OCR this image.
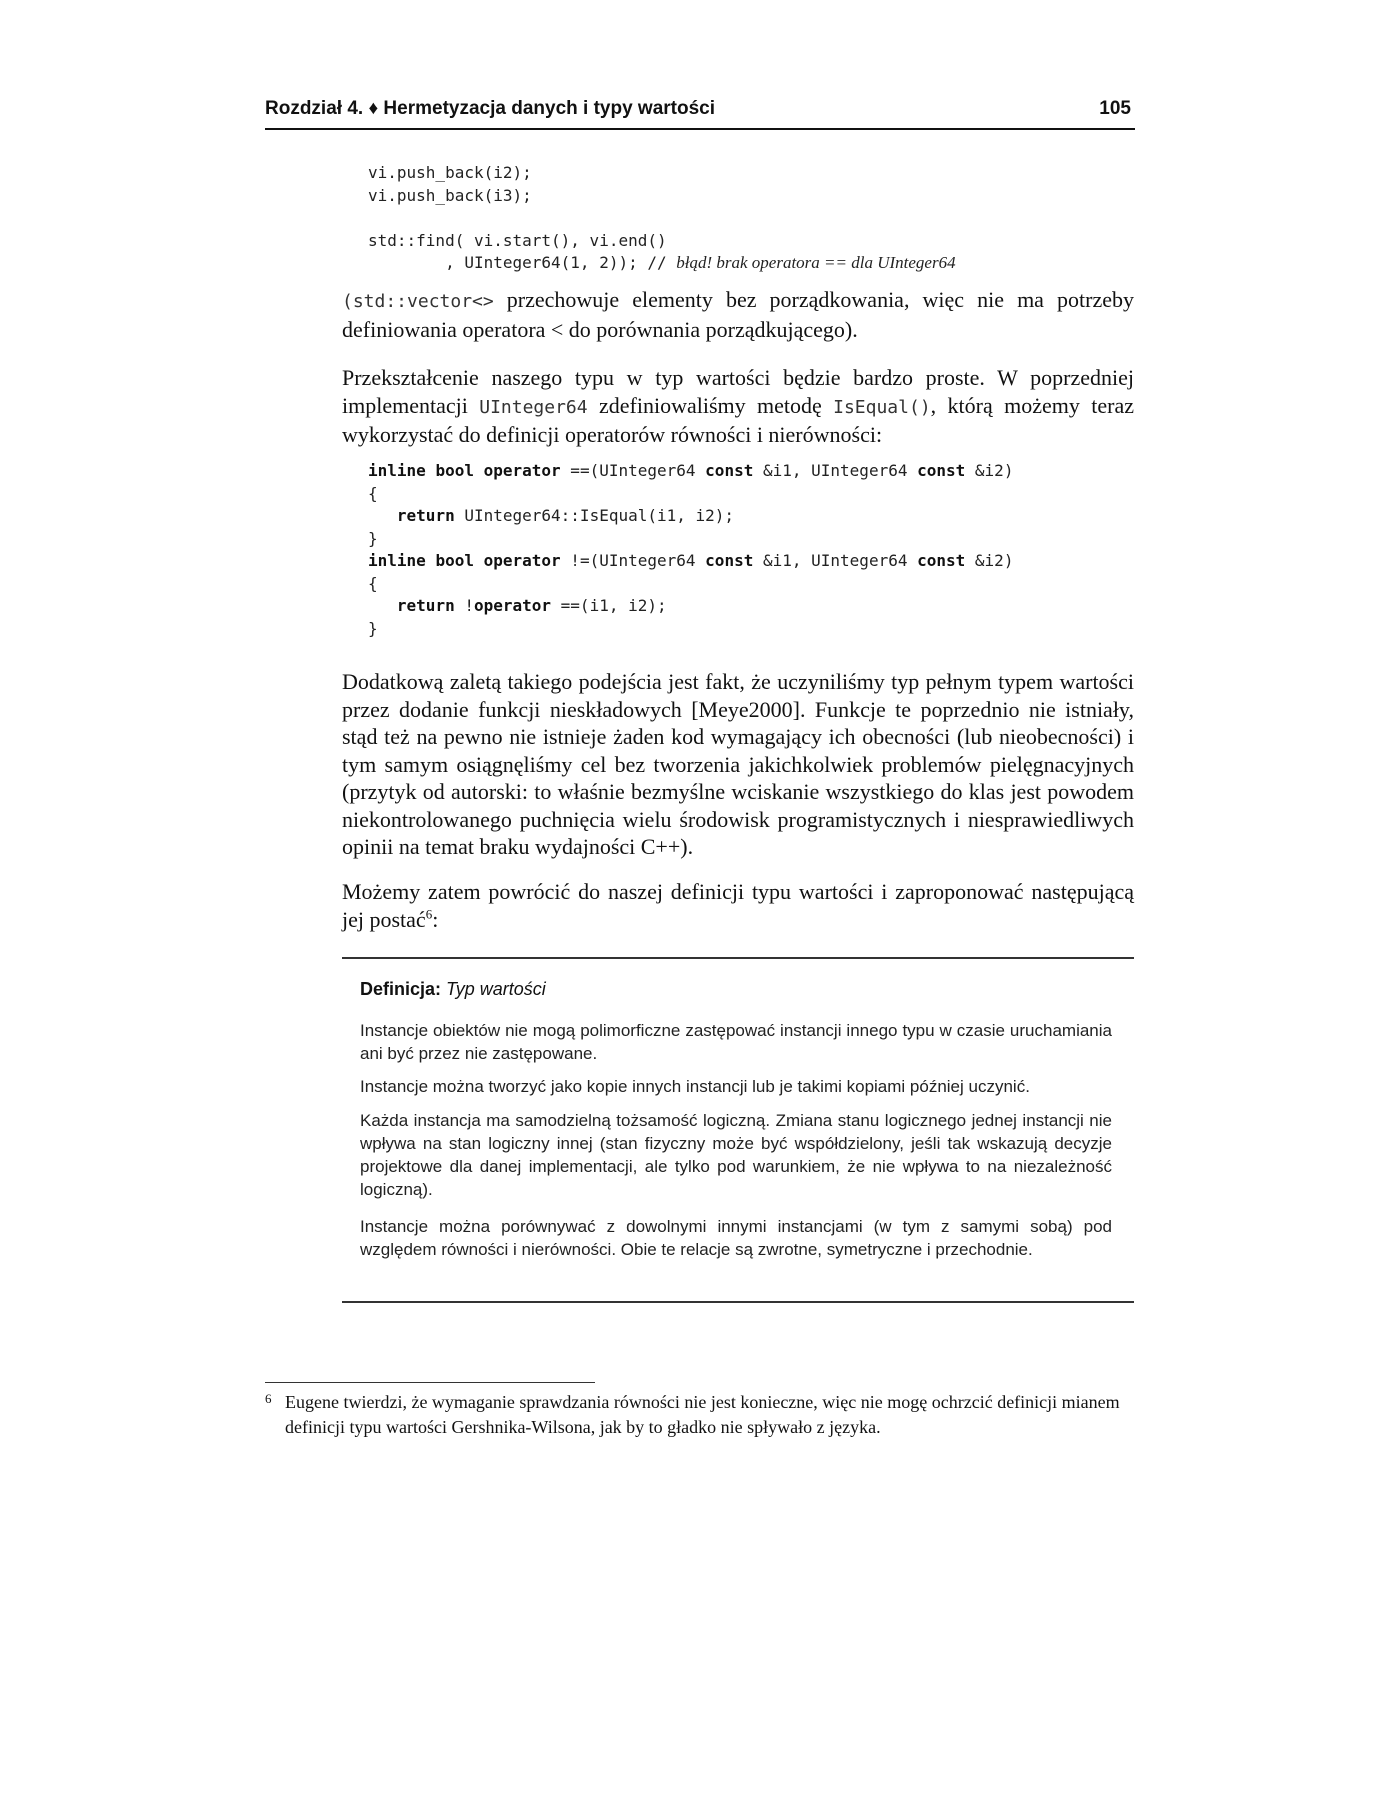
Rozdział 4. ♦ Hermetyzacja danych i typy wartości	105
vi.push_back(i2);
vi.push_back(i3);

std::find( vi.start(), vi.end()
, UInteger64(1, 2)); // błąd! brak operatora == dla UInteger64

(std::vector<> przechowuje elementy bez porządkowania, więc nie ma potrzeby definiowania operatora < do porównania porządkującego).

Przekształcenie naszego typu w typ wartości będzie bardzo proste. W poprzedniej implementacji UInteger64 zdefiniowaliśmy metodę IsEqual(), którą możemy teraz wykorzystać do definicji operatorów równości i nierówności:

inline bool operator ==(UInteger64 const &i1, UInteger64 const &i2)
{
return UInteger64::IsEqual(i1, i2);
}
inline bool operator !=(UInteger64 const &i1, UInteger64 const &i2)
{
return !operator ==(i1, i2);
}

Dodatkową zaletą takiego podejścia jest fakt, że uczyniliśmy typ pełnym typem wartości przez dodanie funkcji nieskładowych [Meye2000]. Funkcje te poprzednio nie istniały, stąd też na pewno nie istnieje żaden kod wymagający ich obecności (lub nieobecności) i tym samym osiągnęliśmy cel bez tworzenia jakichkolwiek problemów pielęgnacyjnych (przytyk od autorski: to właśnie bezmyślne wciskanie wszystkiego do klas jest powodem niekontrolowanego puchnięcia wielu środowisk programistycznych i niesprawiedliwych opinii na temat braku wydajności C++).

Możemy zatem powrócić do naszej definicji typu wartości i zaproponować następującą jej postać$^6$:

Definicja: Typ wartości

Instancje obiektów nie mogą polimorficzne zastępować instancji innego typu w czasie uruchamiania ani być przez nie zastępowane.

Instancje można tworzyć jako kopie innych instancji lub je takimi kopiami później uczynić.

Każda instancja ma samodzielną tożsamość logiczną. Zmiana stanu logicznego jednej instancji nie wpływa na stan logiczny innej (stan fizyczny może być współdzielony, jeśli tak wskazują decyzje projektowe dla danej implementacji, ale tylko pod warunkiem, że nie wpływa to na niezależność logiczną).

Instancje można porównywać z dowolnymi innymi instancjami (w tym z samymi sobą) pod względem równości i nierówności. Obie te relacje są zwrotne, symetryczne i przechodnie.

6 Eugene twierdzi, że wymaganie sprawdzania równości nie jest konieczne, więc nie mogę ochrzcić definicji mianem definicji typu wartości Gershnika-Wilsona, jak by to gładko nie spływało z języka.
